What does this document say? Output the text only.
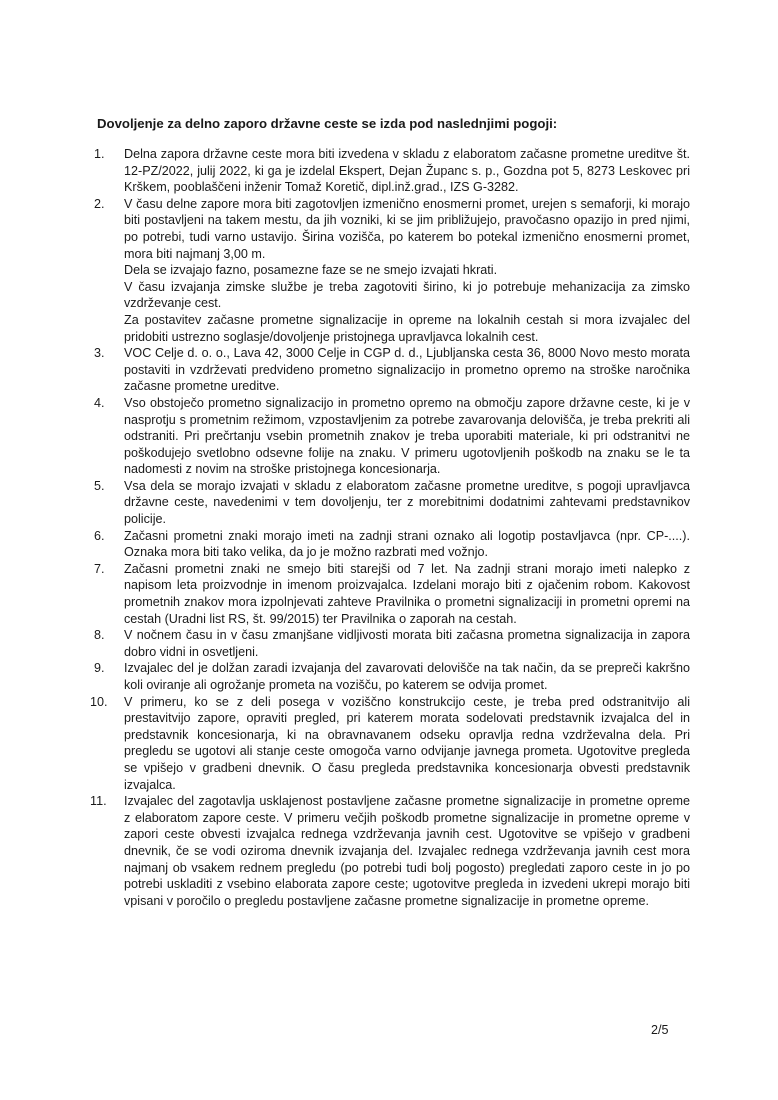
Dovoljenje za delno zaporo državne ceste se izda pod naslednjimi pogoji:
1.	Delna zapora državne ceste mora biti izvedena v skladu z elaboratom začasne prometne ureditve št. 12-PZ/2022, julij 2022, ki ga je izdelal Ekspert, Dejan Županc s. p., Gozdna pot 5, 8273 Leskovec pri Krškem, pooblaščeni inženir Tomaž Koretič, dipl.inž.grad., IZS G-3282.
2.	V času delne zapore mora biti zagotovljen izmenično enosmerni promet, urejen s semaforji, ki morajo biti postavljeni na takem mestu, da jih vozniki, ki se jim približujejo, pravočasno opazijo in pred njimi, po potrebi, tudi varno ustavijo. Širina vozišča, po katerem bo potekal izmenično enosmerni promet, mora biti najmanj 3,00 m.
Dela se izvajajo fazno, posamezne faze se ne smejo izvajati hkrati.
V času izvajanja zimske službe je treba zagotoviti širino, ki jo potrebuje mehanizacija za zimsko vzdrževanje cest.
Za postavitev začasne prometne signalizacije in opreme na lokalnih cestah si mora izvajalec del pridobiti ustrezno soglasje/dovoljenje pristojnega upravljavca lokalnih cest.
3.	VOC Celje d. o. o., Lava 42, 3000 Celje in CGP d. d., Ljubljanska cesta 36, 8000 Novo mesto morata postaviti in vzdrževati predvideno prometno signalizacijo in prometno opremo na stroške naročnika začasne prometne ureditve.
4.	Vso obstoječo prometno signalizacijo in prometno opremo na območju zapore državne ceste, ki je v nasprotju s prometnim režimom, vzpostavljenim za potrebe zavarovanja delovišča, je treba prekriti ali odstraniti. Pri prečrtanju vsebin prometnih znakov je treba uporabiti materiale, ki pri odstranitvi ne poškodujejo svetlobno odsevne folije na znaku. V primeru ugotovljenih poškodb na znaku se le ta nadomesti z novim na stroške pristojnega koncesionarja.
5.	Vsa dela se morajo izvajati v skladu z elaboratom začasne prometne ureditve, s pogoji upravljavca državne ceste, navedenimi v tem dovoljenju, ter z morebitnimi dodatnimi zahtevami predstavnikov policije.
6.	Začasni prometni znaki morajo imeti na zadnji strani oznako ali logotip postavljavca (npr. CP-....). Oznaka mora biti tako velika, da jo je možno razbrati med vožnjo.
7.	Začasni prometni znaki ne smejo biti starejši od 7 let. Na zadnji strani morajo imeti nalepko z napisom leta proizvodnje in imenom proizvajalca. Izdelani morajo biti z ojačenim robom. Kakovost prometnih znakov mora izpolnjevati zahteve Pravilnika o prometni signalizaciji in prometni opremi na cestah (Uradni list RS, št. 99/2015) ter Pravilnika o zaporah na cestah.
8.	V nočnem času in v času zmanjšane vidljivosti morata biti začasna prometna signalizacija in zapora dobro vidni in osvetljeni.
9.	Izvajalec del je dolžan zaradi izvajanja del zavarovati delovišče na tak način, da se prepreči kakršno koli oviranje ali ogrožanje prometa na vozišču, po katerem se odvija promet.
10.	V primeru, ko se z deli posega v voziščno konstrukcijo ceste, je treba pred odstranitvijo ali prestavitvijo zapore, opraviti pregled, pri katerem morata sodelovati predstavnik izvajalca del in predstavnik koncesionarja, ki na obravnavanem odseku opravlja redna vzdrževalna dela. Pri pregledu se ugotovi ali stanje ceste omogoča varno odvijanje javnega prometa. Ugotovitve pregleda se vpišejo v gradbeni dnevnik. O času pregleda predstavnika koncesionarja obvesti predstavnik izvajalca.
11.	Izvajalec del zagotavlja usklajenost postavljene začasne prometne signalizacije in prometne opreme z elaboratom zapore ceste. V primeru večjih poškodb prometne signalizacije in prometne opreme v zapori ceste obvesti izvajalca rednega vzdrževanja javnih cest. Ugotovitve se vpišejo v gradbeni dnevnik, če se vodi oziroma dnevnik izvajanja del. Izvajalec rednega vzdrževanja javnih cest mora najmanj ob vsakem rednem pregledu (po potrebi tudi bolj pogosto) pregledati zaporo ceste in jo po potrebi uskladiti z vsebino elaborata zapore ceste; ugotovitve pregleda in izvedeni ukrepi morajo biti vpisani v poročilo o pregledu postavljene začasne prometne signalizacije in prometne opreme.
2/5
